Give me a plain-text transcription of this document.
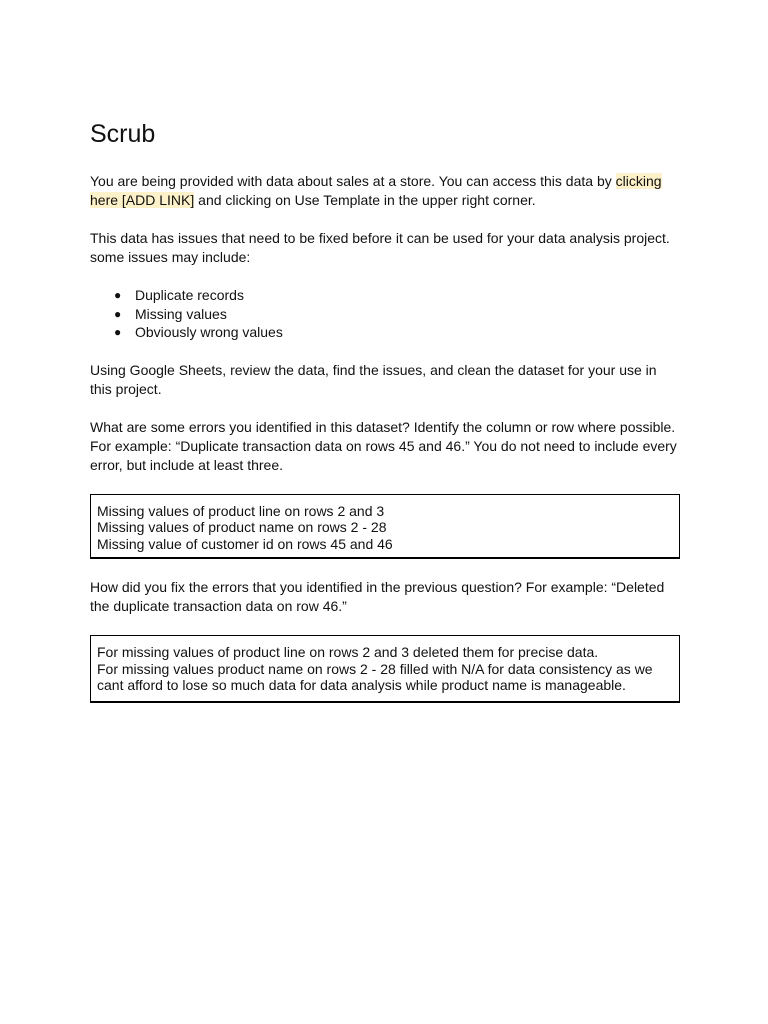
Scrub

You are being provided with data about sales at a store. You can access this data by clicking here [ADD LINK] and clicking on Use Template in the upper right corner.

This data has issues that need to be fixed before it can be used for your data analysis project. some issues may include:

● Duplicate records
● Missing values
● Obviously wrong values

Using Google Sheets, review the data, find the issues, and clean the dataset for your use in this project.

What are some errors you identified in this dataset? Identify the column or row where possible. For example: “Duplicate transaction data on rows 45 and 46.” You do not need to include every error, but include at least three.

Missing values of product line on rows 2 and 3
Missing values of product name on rows 2 - 28
Missing value of customer id on rows 45 and 46

How did you fix the errors that you identified in the previous question? For example: “Deleted the duplicate transaction data on row 46.”

For missing values of product line on rows 2 and 3 deleted them for precise data.
For missing values product name on rows 2 - 28 filled with N/A for data consistency as we cant afford to lose so much data for data analysis while product name is manageable.
